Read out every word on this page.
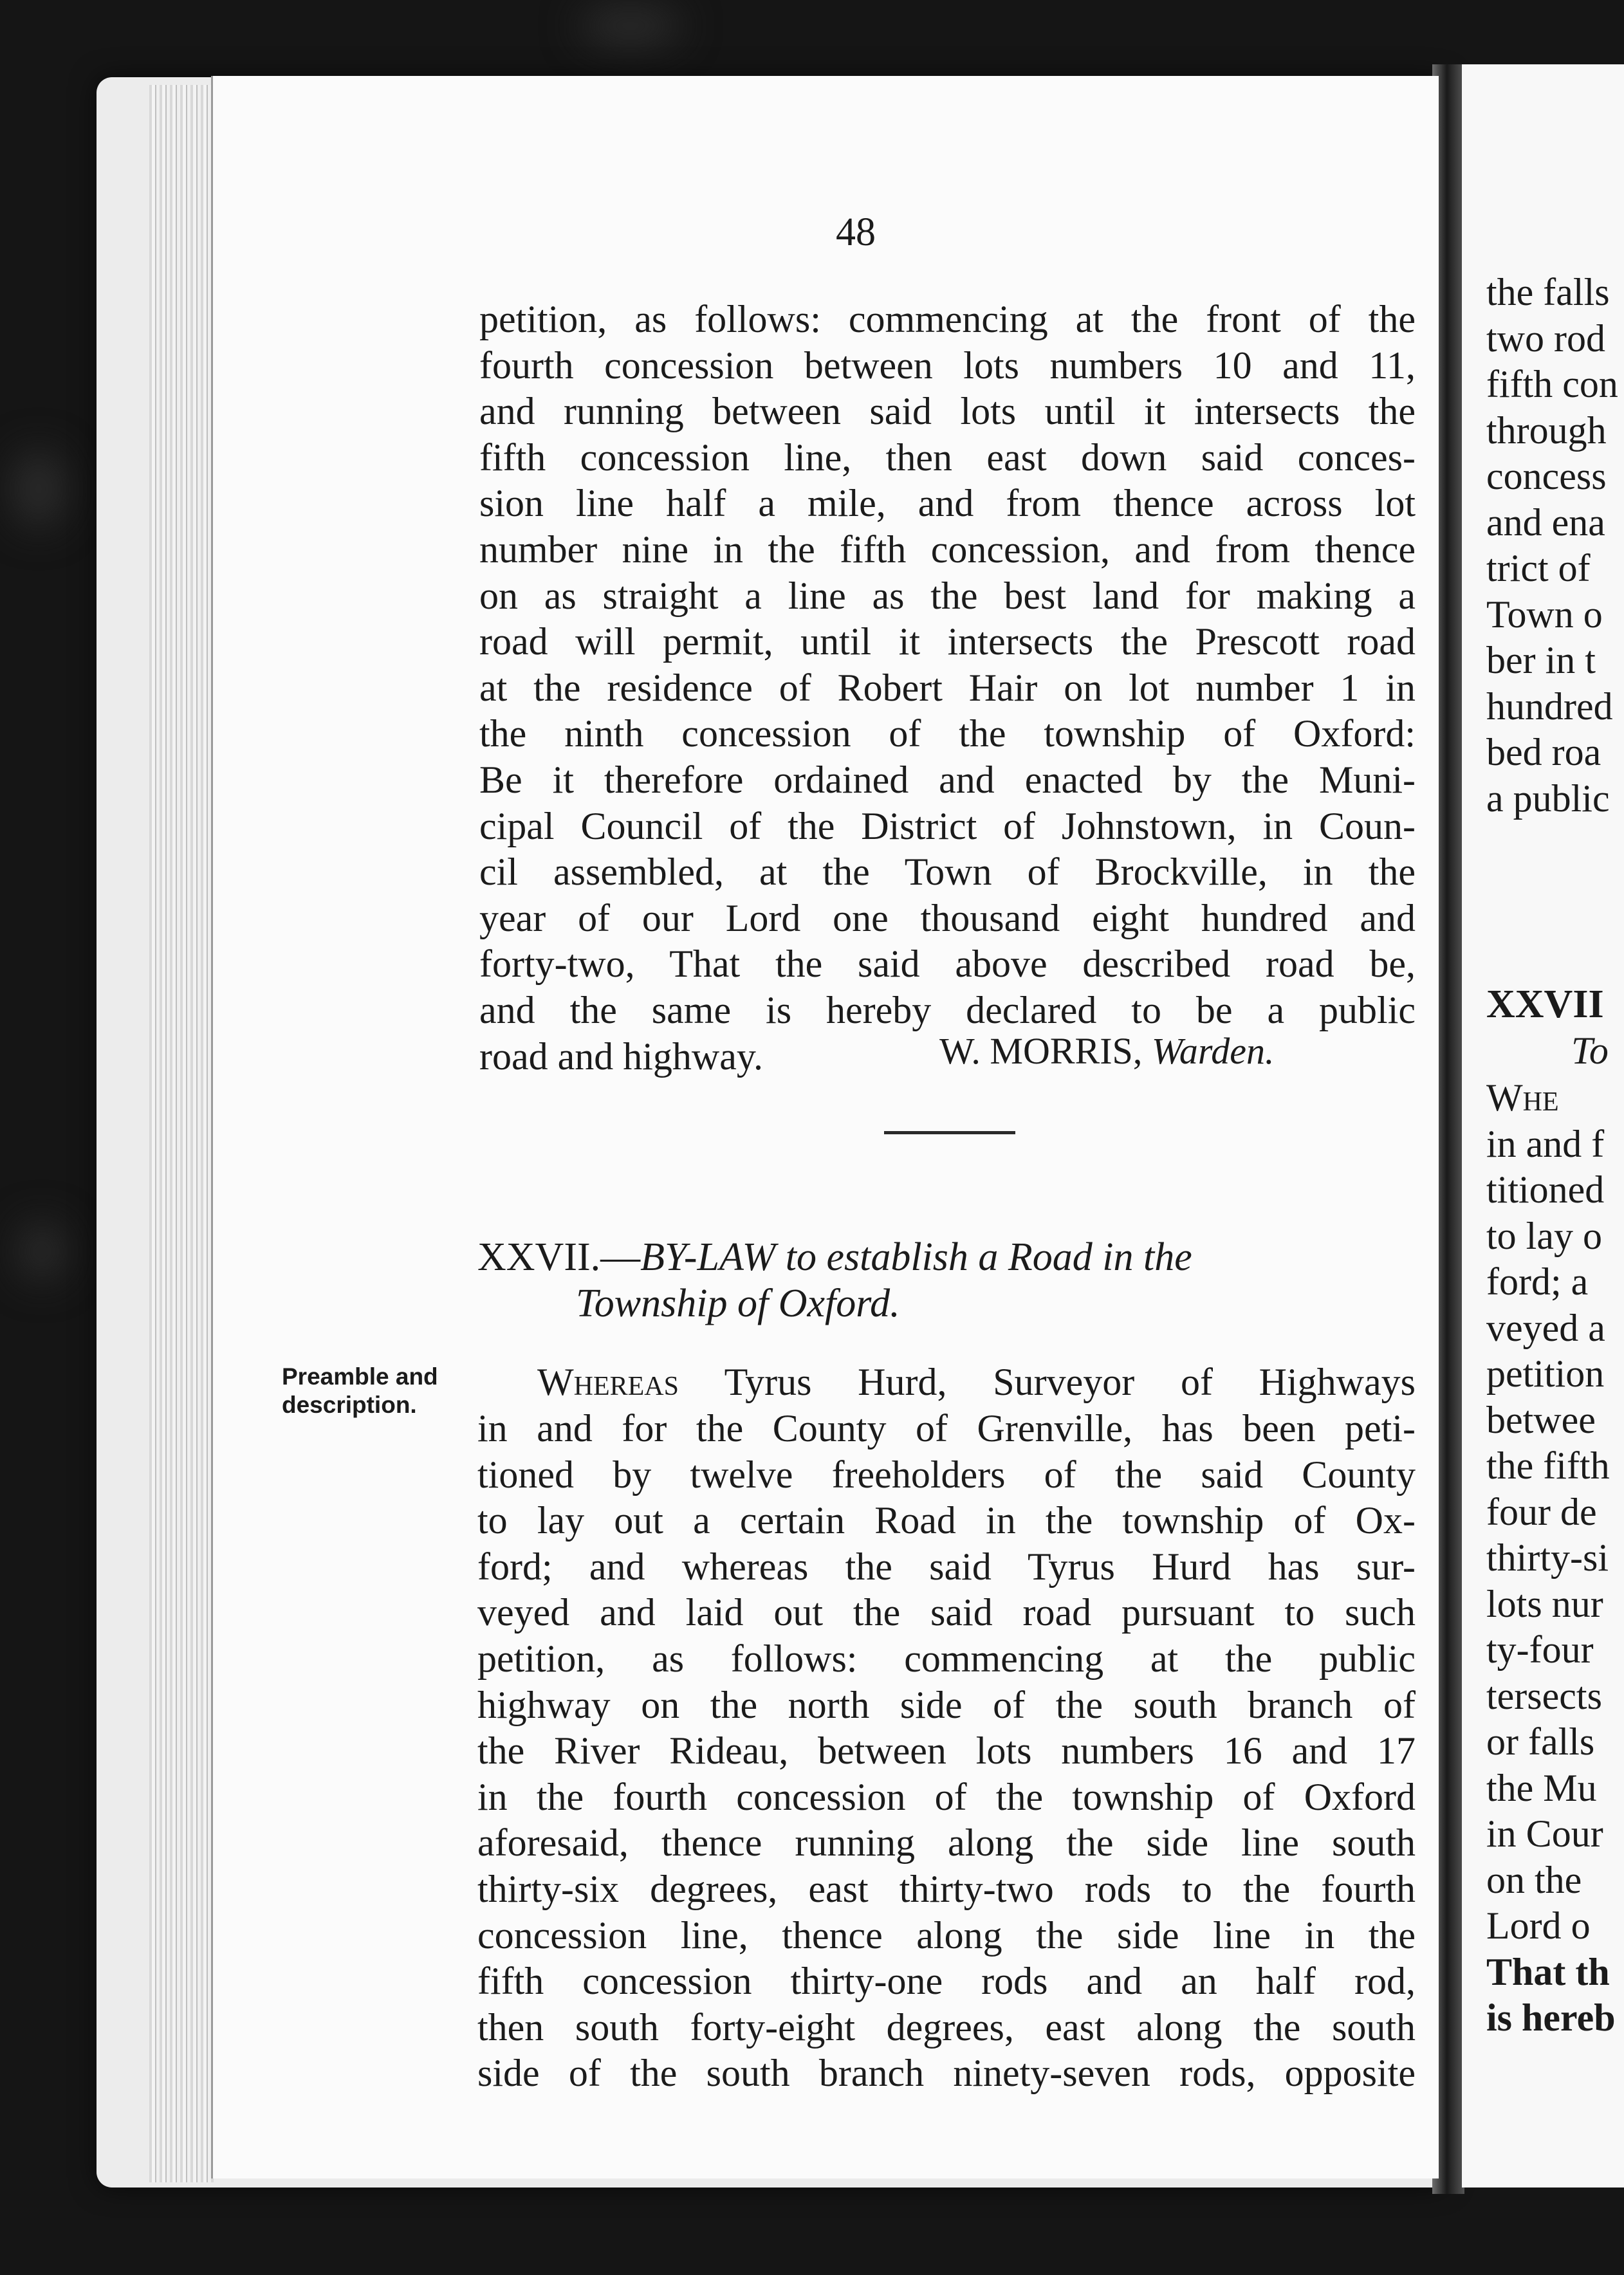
48
petition, as follows: commencing at the front of the
fourth concession between lots numbers 10 and 11,
and running between said lots until it intersects the
fifth concession line, then east down said conces-
sion line half a mile, and from thence across lot
number nine in the fifth concession, and from thence
on as straight a line as the best land for making a
road will permit, until it intersects the Prescott road
at the residence of Robert Hair on lot number 1 in
the ninth concession of the township of Oxford:
Be it therefore ordained and enacted by the Muni-
cipal Council of the District of Johnstown, in Coun-
cil assembled, at the Town of Brockville, in the
year of our Lord one thousand eight hundred and
forty-two, That the said above described road be,
and the same is hereby declared to be a public
road and highway.	W. MORRIS, Warden.
XXVII.—BY-LAW to establish a Road in the
Township of Oxford.
Preamble and
description.
Whereas Tyrus Hurd, Surveyor of Highways
in and for the County of Grenville, has been peti-
tioned by twelve freeholders of the said County
to lay out a certain Road in the township of Ox-
ford; and whereas the said Tyrus Hurd has sur-
veyed and laid out the said road pursuant to such
petition, as follows: commencing at the public
highway on the north side of the south branch of
the River Rideau, between lots numbers 16 and 17
in the fourth concession of the township of Oxford
aforesaid, thence running along the side line south
thirty-six degrees, east thirty-two rods to the fourth
concession line, thence along the side line in the
fifth concession thirty-one rods and an half rod,
then south forty-eight degrees, east along the south
side of the south branch ninety-seven rods, opposite
the falls
two rod
fifth con
through
concess
and ena
trict of
Town o
ber in t
hundred
bed roa
a public
XXVII
To
Whe
in and f
titioned
to lay o
ford; a
veyed a
petition
betwee
the fifth
four de
thirty-si
lots nur
ty-four
tersects
or falls
the Mu
in Cour
on the
Lord o
That th
is hereb
